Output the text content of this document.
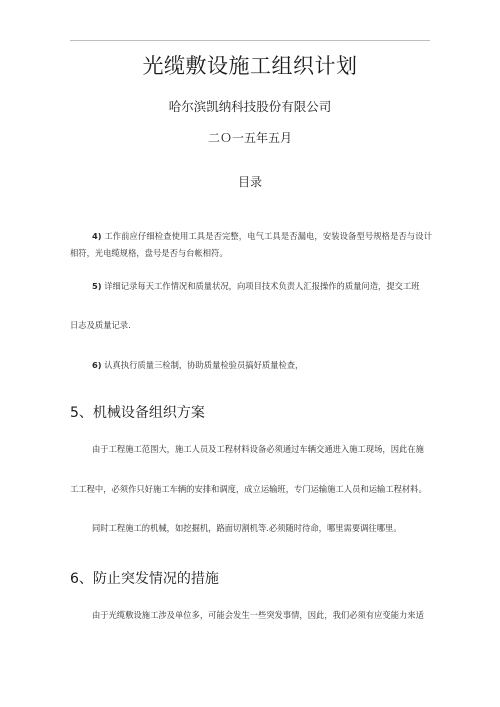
光缆敷设施工组织计划
哈尔滨凯纳科技股份有限公司
二Ｏ一五年五月
目录
4) 工作前应仔细检查使用工具是否完整，电气工具是否漏电，安装设备型号规格是否与设计相符，光电缆规格，盘号是否与台帐相符。
5) 详细记录每天工作情况和质量状况，向项目技术负责人汇报操作的质量问造，提交工班
日志及质量记录.
6) 认真执行质量三检制，协助质量检验员搞好质量检查，
5、机械设备组织方案
由于工程施工范围大，施工人员及工程材料设备必须通过车辆交通进入施工现场，因此在施
工工程中，必须作只好施工车辆的安排和调度，成立运输班，专门运输施工人员和运输工程材料。
同时工程施工的机械，如挖掘机，路面切割机等.必须随时待命，哪里需要调往哪里。
6、防止突发情况的措施
由于光缆敷设施工涉及单位多，可能会发生一些突发事情，因此，我们必须有应变能力来适
